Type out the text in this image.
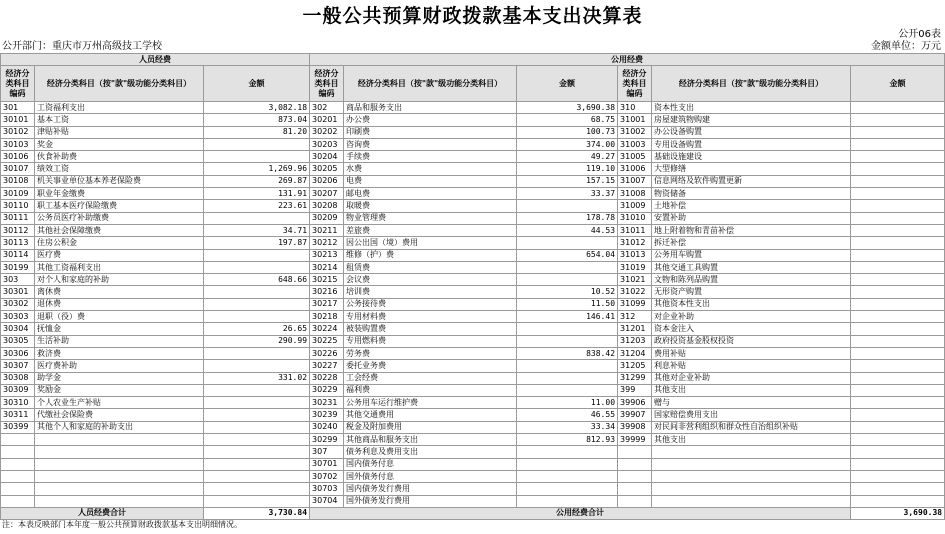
一般公共预算财政拨款基本支出决算表
公开06表
公开部门：重庆市万州高级技工学校	金额单位：万元
人员经费			公用经费					
经济分类科目编码	经济分类科目（按"款"级功能分类科目）	金额	经济分类科目编码	经济分类科目（按"款"级功能分类科目）	金额	经济分类科目编码	经济分类科目（按"款"级功能分类科目）	金额
301	工资福利支出	3,082.18	302	商品和服务支出	3,690.38	310	资本性支出	
30101	基本工资	873.04	30201	办公费	68.75	31001	房屋建筑物购建	
30102	津贴补贴	81.20	30202	印刷费	100.73	31002	办公设备购置	
30103	奖金		30203	咨询费	374.00	31003	专用设备购置	
30106	伙食补助费		30204	手续费	49.27	31005	基础设施建设	
30107	绩效工资	1,269.96	30205	水费	119.10	31006	大型修缮	
30108	机关事业单位基本养老保险费	269.87	30206	电费	157.15	31007	信息网络及软件购置更新	
30109	职业年金缴费	131.91	30207	邮电费	33.37	31008	物资储备	
30110	职工基本医疗保险缴费	223.61	30208	取暖费		31009	土地补偿	
30111	公务员医疗补助缴费		30209	物业管理费	178.78	31010	安置补助	
30112	其他社会保障缴费	34.71	30211	差旅费	44.53	31011	地上附着物和青苗补偿	
30113	住房公积金	197.87	30212	因公出国（境）费用		31012	拆迁补偿	
30114	医疗费		30213	维修（护）费	654.04	31013	公务用车购置	
30199	其他工资福利支出		30214	租赁费		31019	其他交通工具购置	
303	对个人和家庭的补助	648.66	30215	会议费		31021	文物和陈列品购置	
30301	离休费		30216	培训费	10.52	31022	无形资产购置	
30302	退休费		30217	公务接待费	11.50	31099	其他资本性支出	
30303	退职（役）费		30218	专用材料费	146.41	312	对企业补助	
30304	抚恤金	26.65	30224	被装购置费		31201	资本金注入	
30305	生活补助	290.99	30225	专用燃料费		31203	政府投资基金股权投资	
30306	救济费		30226	劳务费	838.42	31204	费用补贴	
30307	医疗费补助		30227	委托业务费		31205	利息补贴	
30308	助学金	331.02	30228	工会经费		31299	其他对企业补助	
30309	奖励金		30229	福利费		399	其他支出	
30310	个人农业生产补贴		30231	公务用车运行维护费	11.00	39906	赠与	
30311	代缴社会保险费		30239	其他交通费用	46.55	39907	国家赔偿费用支出	
30399	其他个人和家庭的补助支出		30240	税金及附加费用	33.34	39908	对民间非营利组织和群众性自治组织补贴	
			30299	其他商品和服务支出	812.93	39999	其他支出	
			307	债务利息及费用支出				
			30701	国内债务付息				
			30702	国外债务付息				
			30703	国内债务发行费用				
			30704	国外债务发行费用				
人员经费合计		3,730.84	公用经费合计					3,690.38
注：本表反映部门本年度一般公共预算财政拨款基本支出明细情况。
